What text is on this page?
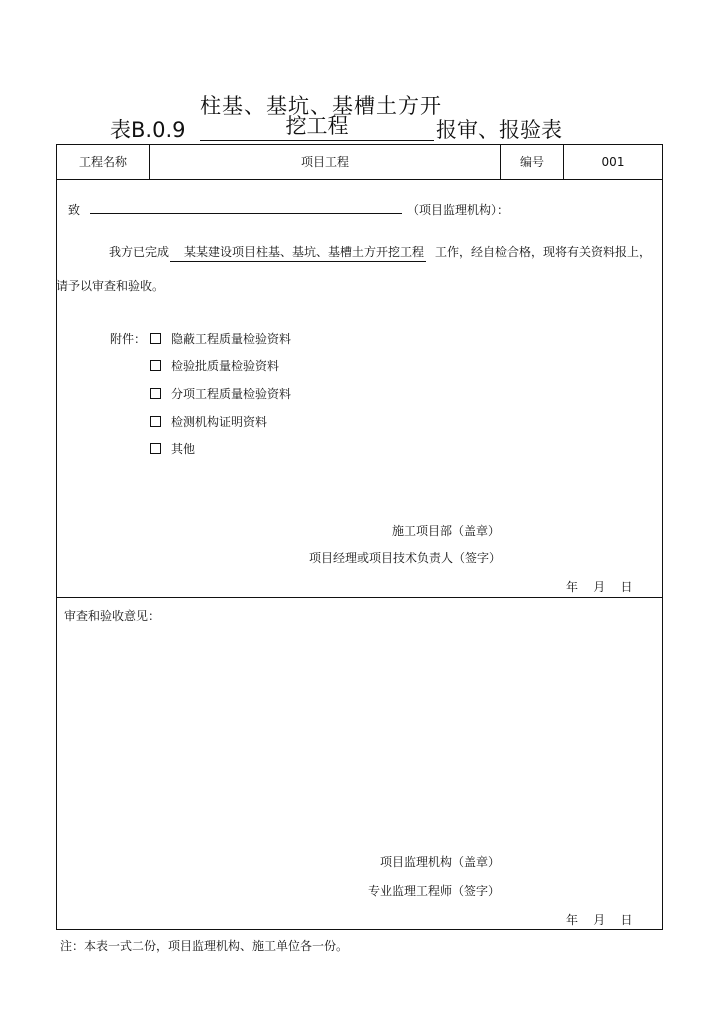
柱基、基坑、基槽土方开
表B.0.9	挖工程	报审、报验表
工程名称	项目工程	编号	001
致	（项目监理机构）：
我方已完成	某某建设项目柱基、基坑、基槽土方开挖工程 工作，经自检合格，现将有关资料报上，
请予以审查和验收。
附件：	隐蔽工程质量检验资料
检验批质量检验资料
分项工程质量检验资料
检测机构证明资料
其他
施工项目部（盖章）
项目经理或项目技术负责人（签字）
年    月    日
审查和验收意见：
项目监理机构（盖章）
专业监理工程师（签字）
年    月    日
注：本表一式二份，项目监理机构、施工单位各一份。
